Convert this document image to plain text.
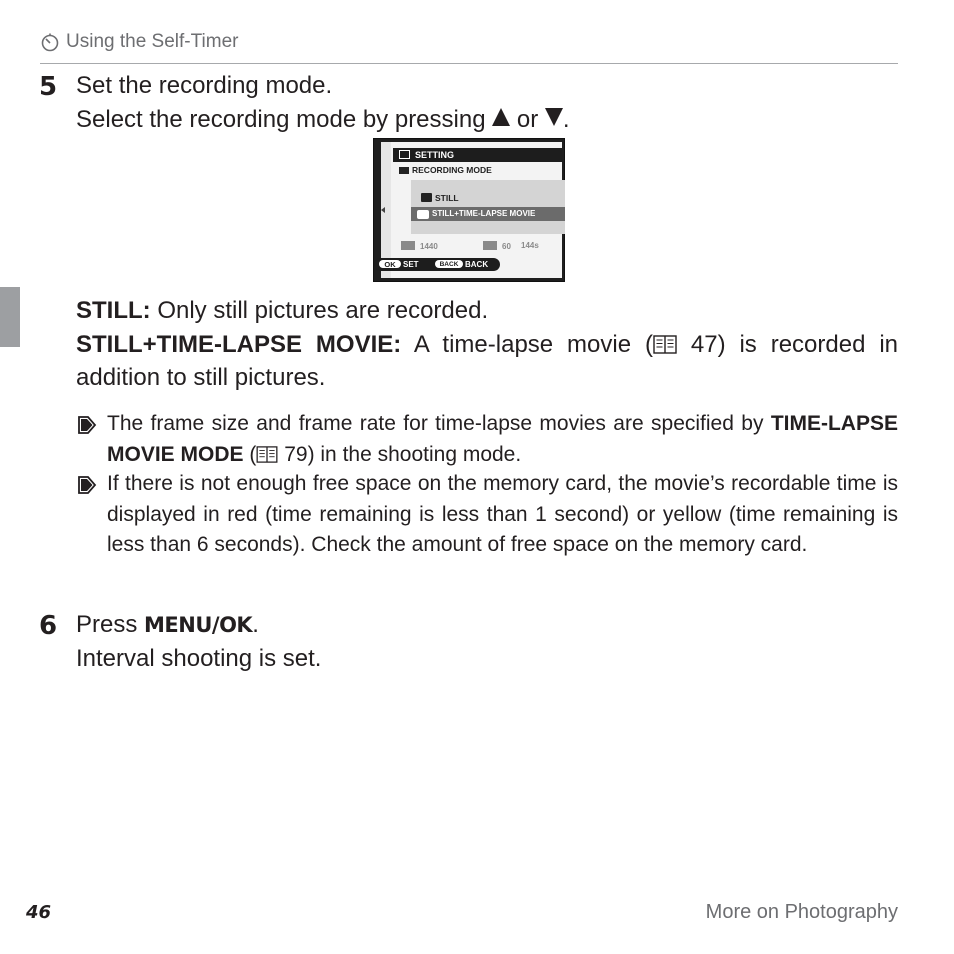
Using the Self-Timer
5 Set the recording mode.
Select the recording mode by pressing or .
SETTING
RECORDING MODE
STILL
STILL+TIME-LAPSE MOVIE
1440	60 144s
OK SET	BACK BACK
STILL: Only still pictures are recorded.
STILL+TIME-LAPSE MOVIE: A time-lapse movie ( 47) is recorded in addition to still pictures.
The frame size and frame rate for time-lapse movies are specified by TIME-LAPSE MOVIE MODE ( 79) in the shooting mode.
If there is not enough free space on the memory card, the movie’s recordable time is displayed in red (time remaining is less than 1 second) or yellow (time remaining is less than 6 seconds). Check the amount of free space on the memory card.
6 Press MENU/OK.
Interval shooting is set.
46	More on Photography
